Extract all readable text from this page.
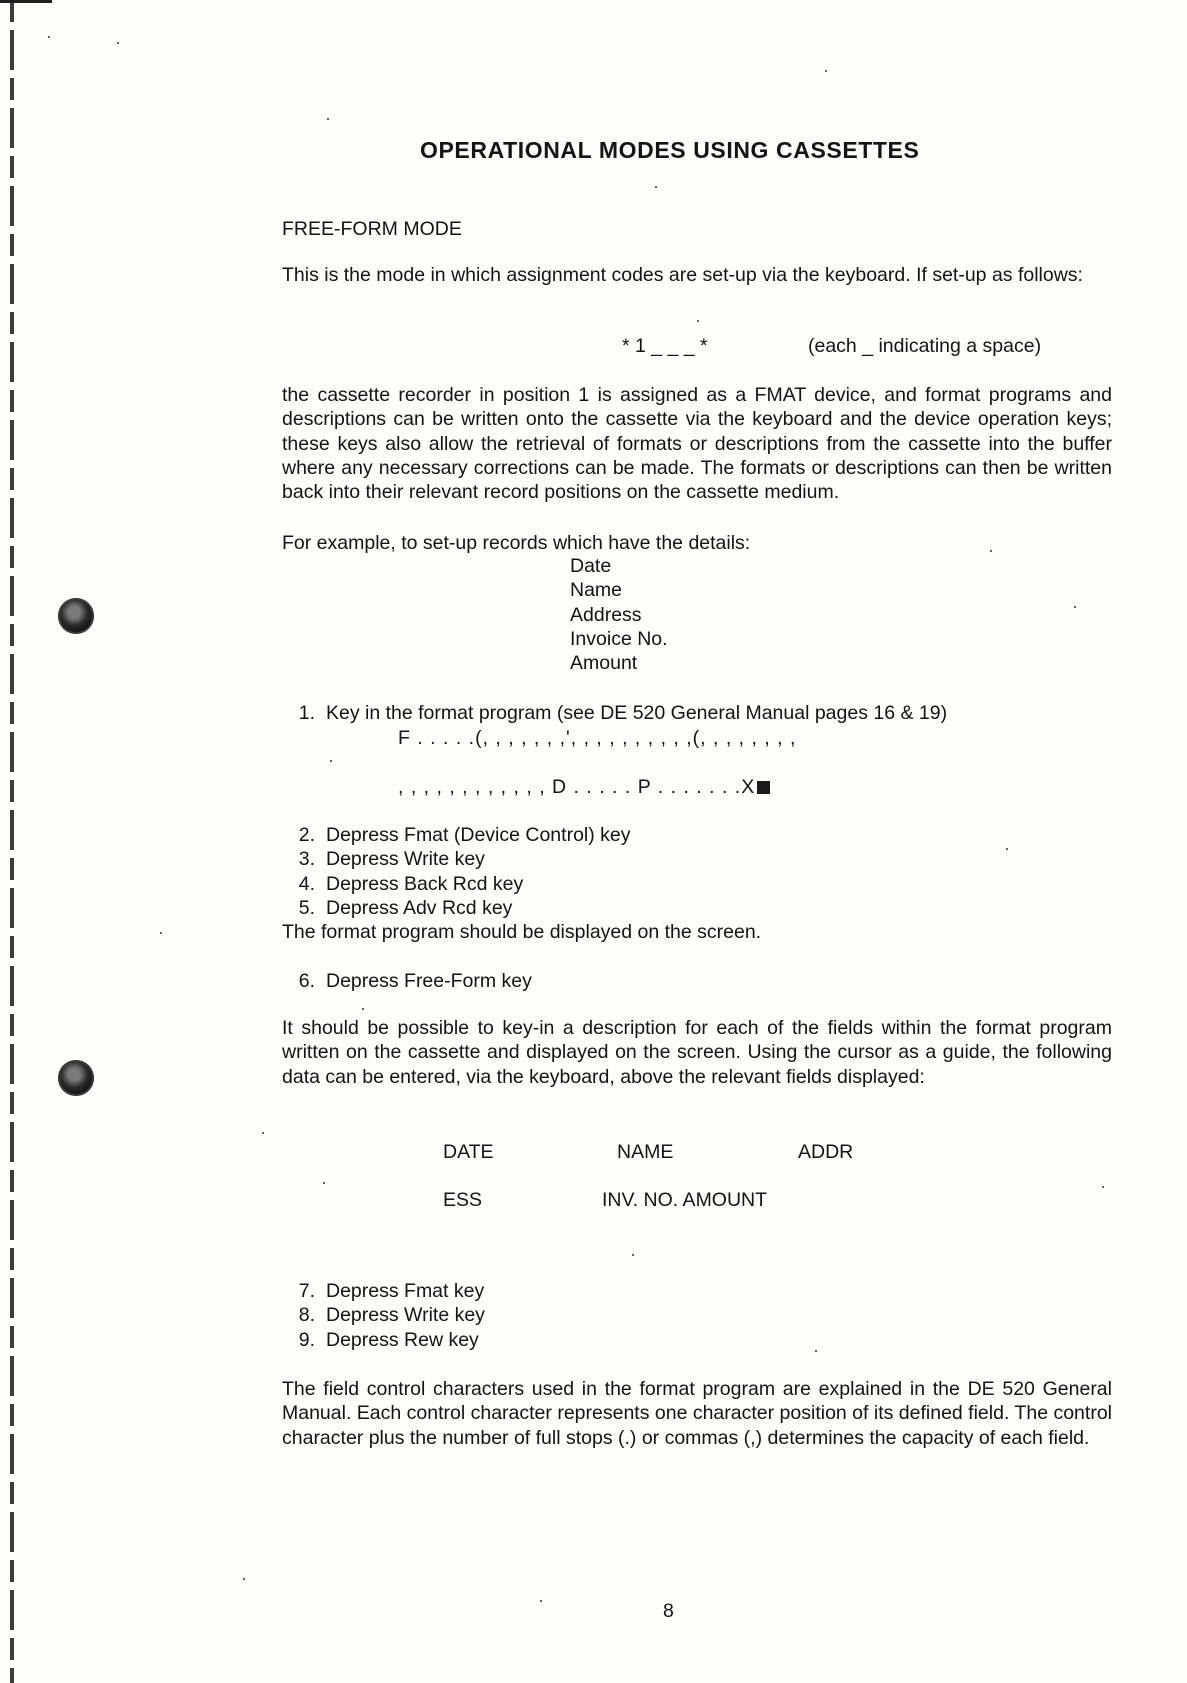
OPERATIONAL MODES USING CASSETTES
FREE-FORM MODE
This is the mode in which assignment codes are set-up via the keyboard. If set-up as follows:
* 1 _ _ _ *	(each _ indicating a space)
the cassette recorder in position 1 is assigned as a FMAT device, and format programs and descriptions can be written onto the cassette via the keyboard and the device operation keys; these keys also allow the retrieval of formats or descriptions from the cassette into the buffer where any necessary corrections can be made. The formats or descriptions can then be written back into their relevant record positions on the cassette medium.
For example, to set-up records which have the details:
Date
Name
Address
Invoice No.
Amount
1. Key in the format program (see DE 520 General Manual pages 16 & 19)
F . . . . .(, , , , , , ,', , , , , , , , , ,(, , , , , , , ,
, , , , , , , , , , , , D . . . . . P . . . . . . .X
2. Depress Fmat (Device Control) key
3. Depress Write key
4. Depress Back Rcd key
5. Depress Adv Rcd key
The format program should be displayed on the screen.
6. Depress Free-Form key
It should be possible to key-in a description for each of the fields within the format program written on the cassette and displayed on the screen. Using the cursor as a guide, the following data can be entered, via the keyboard, above the relevant fields displayed:
DATE	NAME	ADDR
ESS	INV. NO. AMOUNT
7. Depress Fmat key
8. Depress Write key
9. Depress Rew key
The field control characters used in the format program are explained in the DE 520 General Manual. Each control character represents one character position of its defined field. The control character plus the number of full stops (.) or commas (,) determines the capacity of each field.
8
